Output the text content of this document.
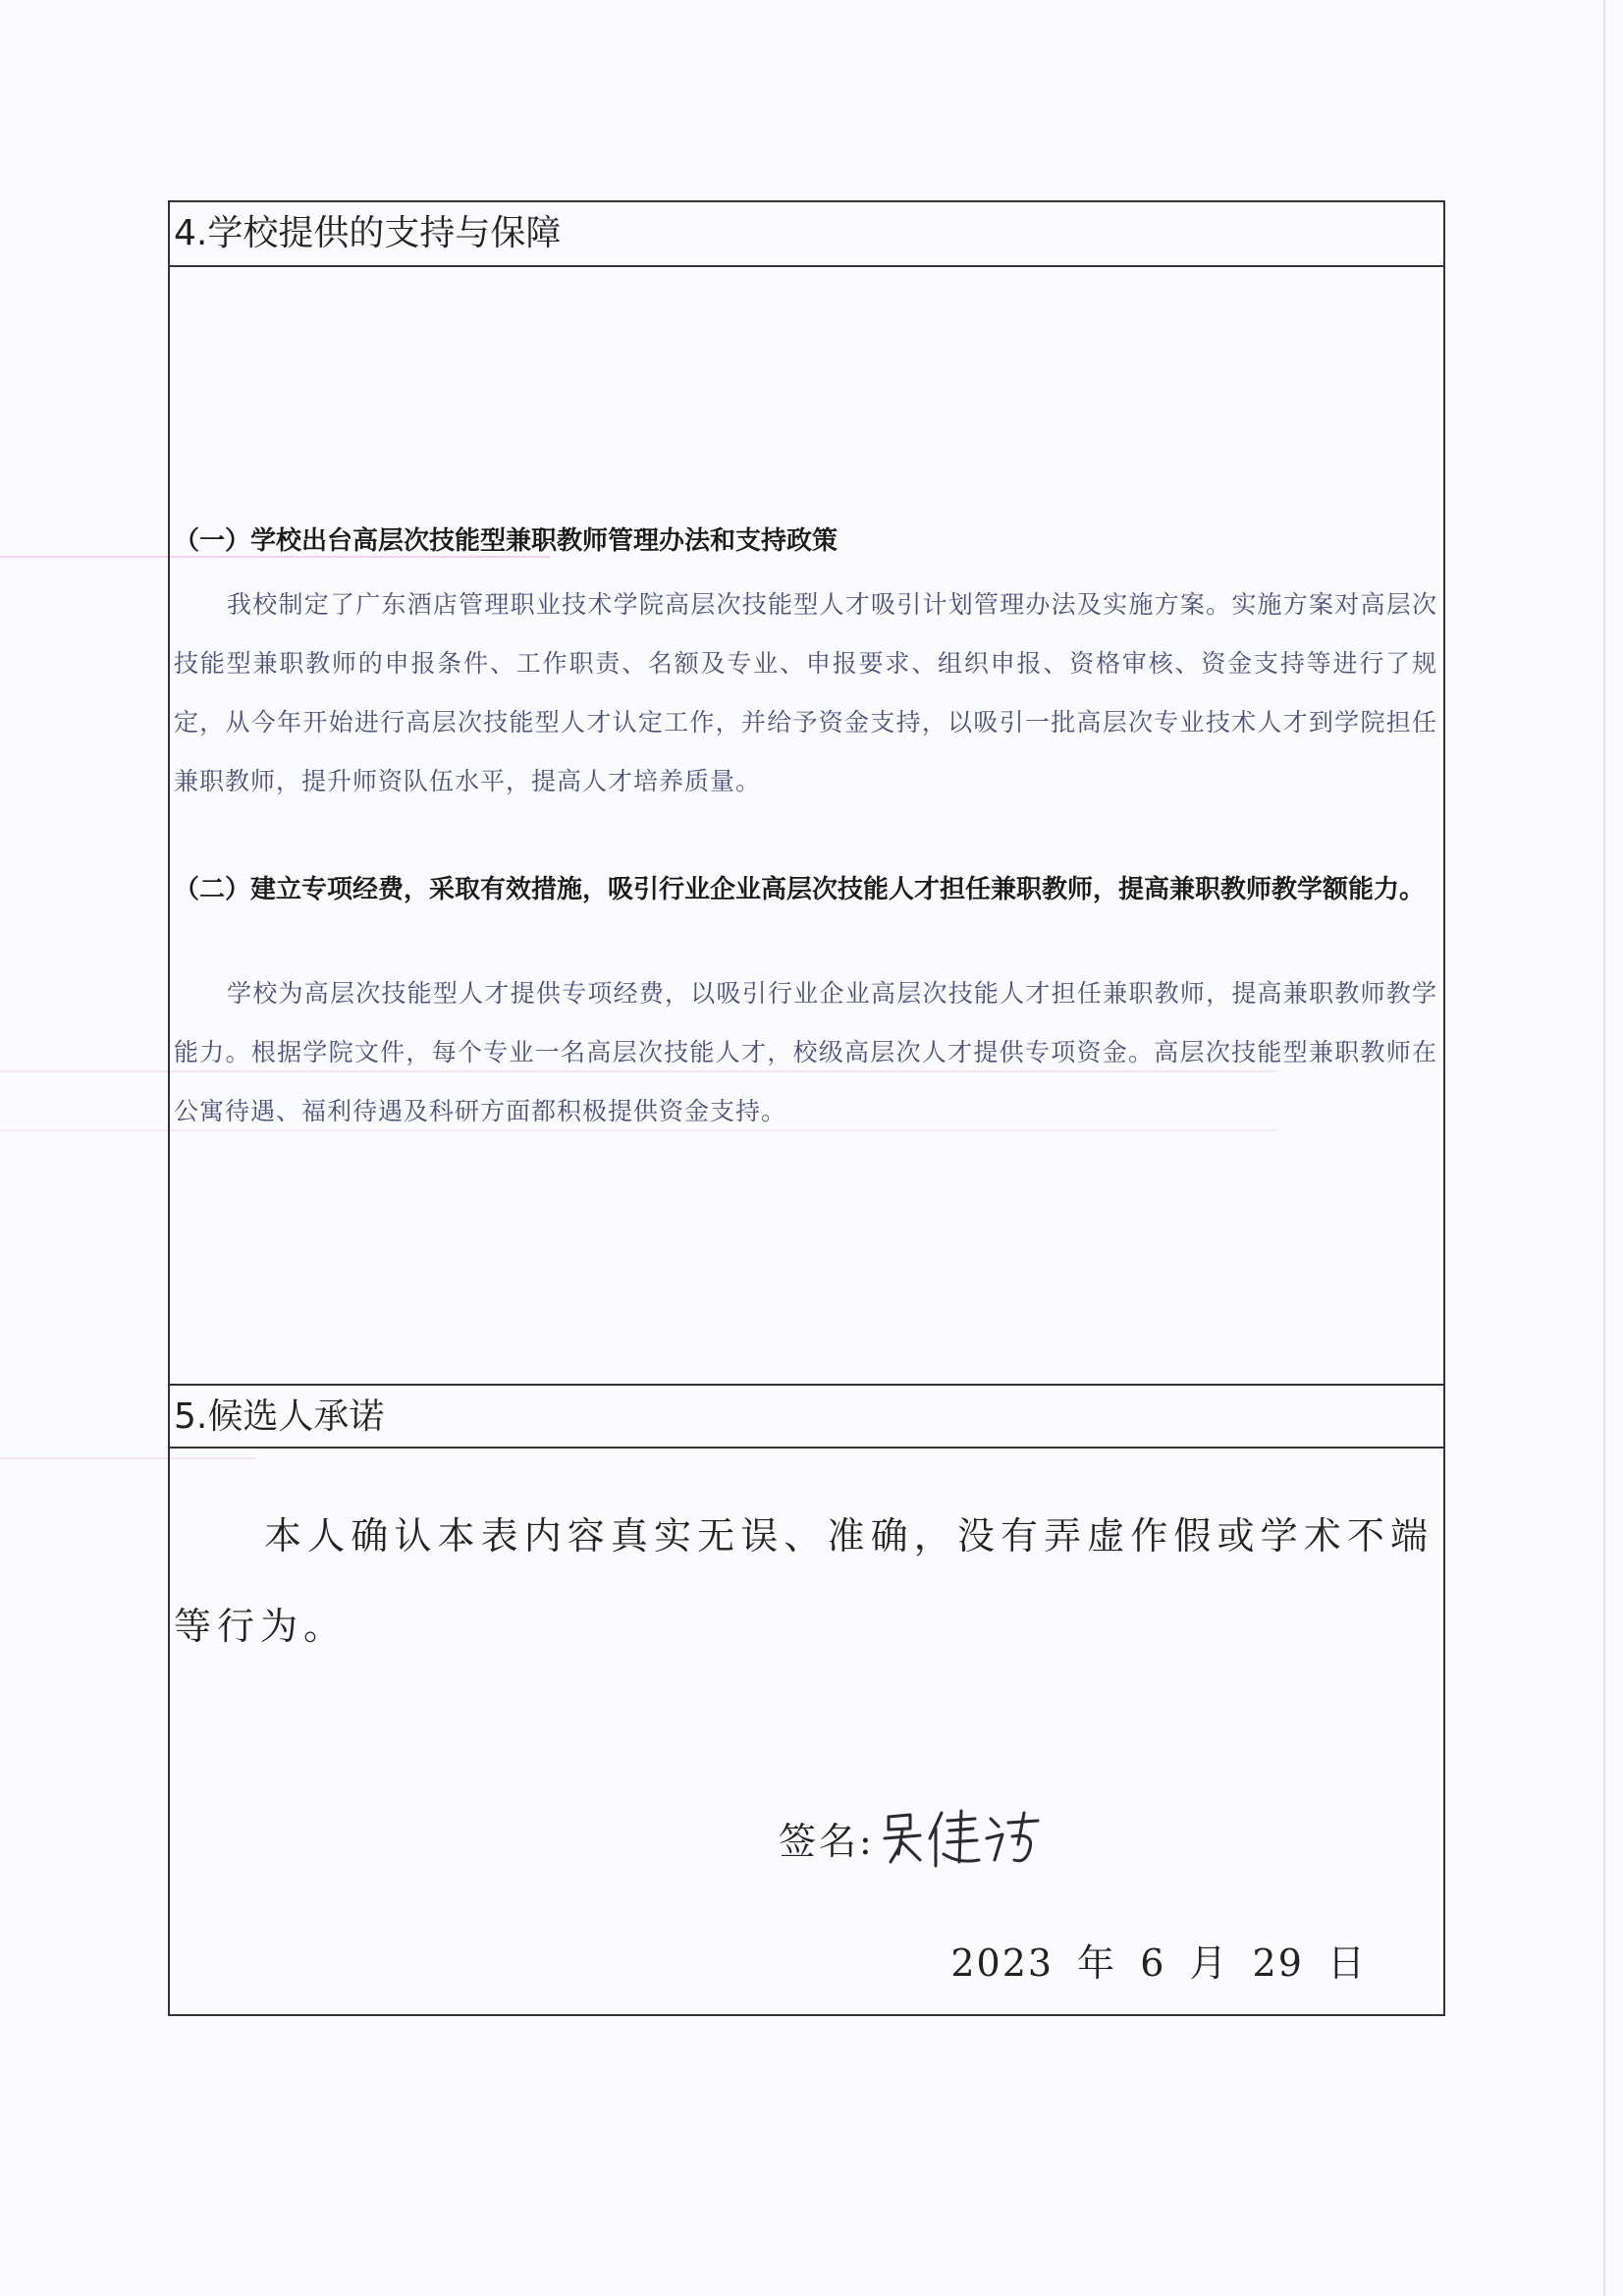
4.学校提供的支持与保障
（一）学校出台高层次技能型兼职教师管理办法和支持政策
我校制定了广东酒店管理职业技术学院高层次技能型人才吸引计划管理办法及实施方案。实施方案对高层次技能型兼职教师的申报条件、工作职责、名额及专业、申报要求、组织申报、资格审核、资金支持等进行了规定，从今年开始进行高层次技能型人才认定工作，并给予资金支持，以吸引一批高层次专业技术人才到学院担任兼职教师，提升师资队伍水平，提高人才培养质量。
（二）建立专项经费，采取有效措施，吸引行业企业高层次技能人才担任兼职教师，提高兼职教师教学额能力。
学校为高层次技能型人才提供专项经费，以吸引行业企业高层次技能人才担任兼职教师，提高兼职教师教学能力。根据学院文件，每个专业一名高层次技能人才，校级高层次人才提供专项资金。高层次技能型兼职教师在公寓待遇、福利待遇及科研方面都积极提供资金支持。
5.候选人承诺
本人确认本表内容真实无误、准确，没有弄虚作假或学术不端等行为。
签名:
2023 年 6 月 29 日
